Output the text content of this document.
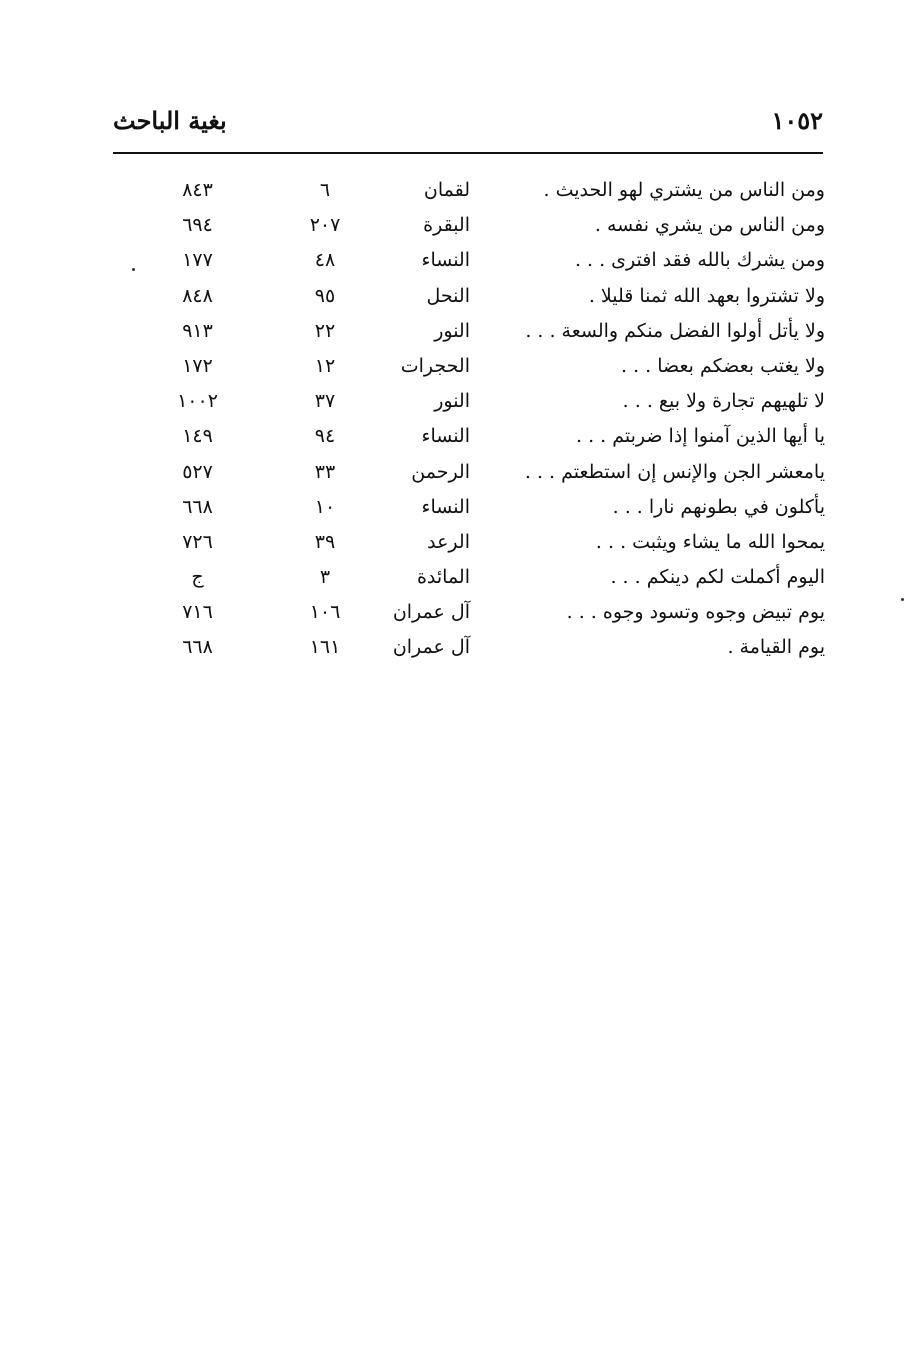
١٠٥٢
بغية الباحث
ومن الناس من يشتري لهو الحديث .
لقمان
٦
٨٤٣
ومن الناس من يشري نفسه .
البقرة
٢٠٧
٦٩٤
ومن يشرك بالله فقد افترى . . .
النساء
٤٨
١٧٧
ولا تشتروا بعهد الله ثمنا قليلا .
النحل
٩٥
٨٤٨
ولا يأتل أولوا الفضل منكم والسعة . . .
النور
٢٢
٩١٣
ولا يغتب بعضكم بعضا . . .
الحجرات
١٢
١٧٢
لا تلهيهم تجارة ولا بيع . . .
النور
٣٧
١٠٠٢
يا أيها الذين آمنوا إذا ضربتم . . .
النساء
٩٤
١٤٩
يامعشر الجن والإنس إن استطعتم . . .
الرحمن
٣٣
٥٢٧
يأكلون في بطونهم نارا . . .
النساء
١٠
٦٦٨
يمحوا الله ما يشاء ويثبت . . .
الرعد
٣٩
٧٢٦
اليوم أكملت لكم دينكم . . .
المائدة
٣
ج
يوم تبيض وجوه وتسود وجوه . . .
آل عمران
١٠٦
٧١٦
يوم القيامة .
آل عمران
١٦١
٦٦٨
